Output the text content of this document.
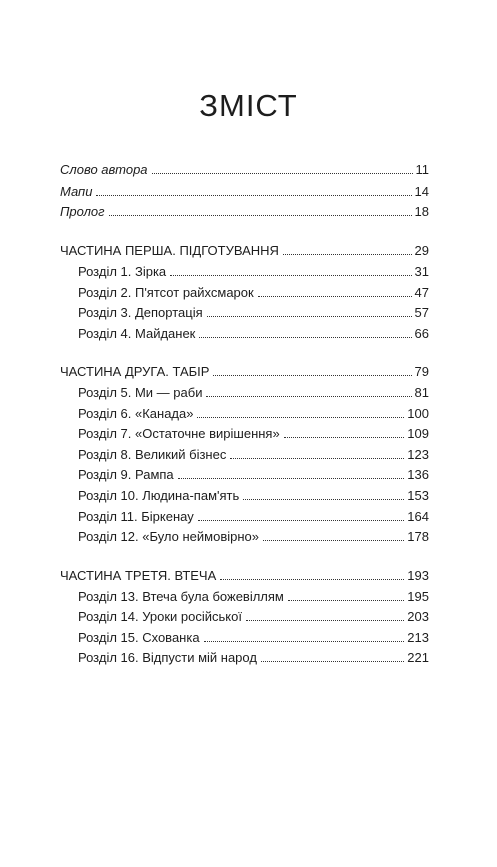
ЗМІСТ
Слово автора	11
Мапи	14
Пролог	18
ЧАСТИНА ПЕРША. ПІДГОТУВАННЯ	29
Розділ 1. Зірка	31
Розділ 2. П'ятсот райхсмарок	47
Розділ 3. Депортація	57
Розділ 4. Майданек	66
ЧАСТИНА ДРУГА. ТАБІР	79
Розділ 5. Ми — раби	81
Розділ 6. «Канада»	100
Розділ 7. «Остаточне вирішення»	109
Розділ 8. Великий бізнес	123
Розділ 9. Рампа	136
Розділ 10. Людина-пам'ять	153
Розділ 11. Біркенау	164
Розділ 12. «Було неймовірно»	178
ЧАСТИНА ТРЕТЯ. ВТЕЧА	193
Розділ 13. Втеча була божевіллям	195
Розділ 14. Уроки російської	203
Розділ 15. Схованка	213
Розділ 16. Відпусти мій народ	221
